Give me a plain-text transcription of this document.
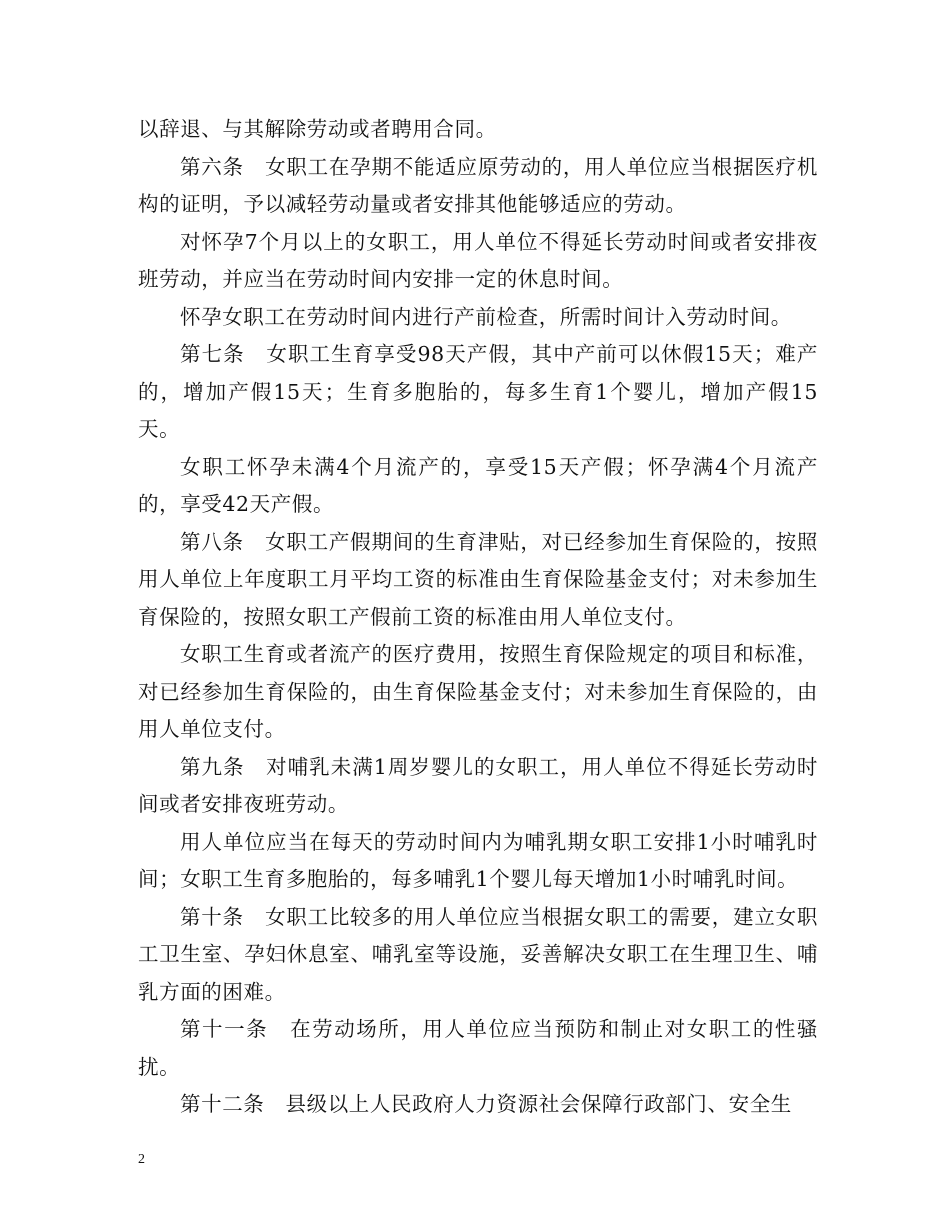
以辞退、与其解除劳动或者聘用合同。

第六条　女职工在孕期不能适应原劳动的，用人单位应当根据医疗机构的证明，予以减轻劳动量或者安排其他能够适应的劳动。

对怀孕7个月以上的女职工，用人单位不得延长劳动时间或者安排夜班劳动，并应当在劳动时间内安排一定的休息时间。

怀孕女职工在劳动时间内进行产前检查，所需时间计入劳动时间。

第七条　女职工生育享受98天产假，其中产前可以休假15天；难产的，增加产假15天；生育多胞胎的，每多生育1个婴儿，增加产假15天。

女职工怀孕未满4个月流产的，享受15天产假；怀孕满4个月流产的，享受42天产假。

第八条　女职工产假期间的生育津贴，对已经参加生育保险的，按照用人单位上年度职工月平均工资的标准由生育保险基金支付；对未参加生育保险的，按照女职工产假前工资的标准由用人单位支付。

女职工生育或者流产的医疗费用，按照生育保险规定的项目和标准，对已经参加生育保险的，由生育保险基金支付；对未参加生育保险的，由用人单位支付。

第九条　对哺乳未满1周岁婴儿的女职工，用人单位不得延长劳动时间或者安排夜班劳动。

用人单位应当在每天的劳动时间内为哺乳期女职工安排1小时哺乳时间；女职工生育多胞胎的，每多哺乳1个婴儿每天增加1小时哺乳时间。

第十条　女职工比较多的用人单位应当根据女职工的需要，建立女职工卫生室、孕妇休息室、哺乳室等设施，妥善解决女职工在生理卫生、哺乳方面的困难。

第十一条　在劳动场所，用人单位应当预防和制止对女职工的性骚扰。

第十二条　县级以上人民政府人力资源社会保障行政部门、安全生

2
